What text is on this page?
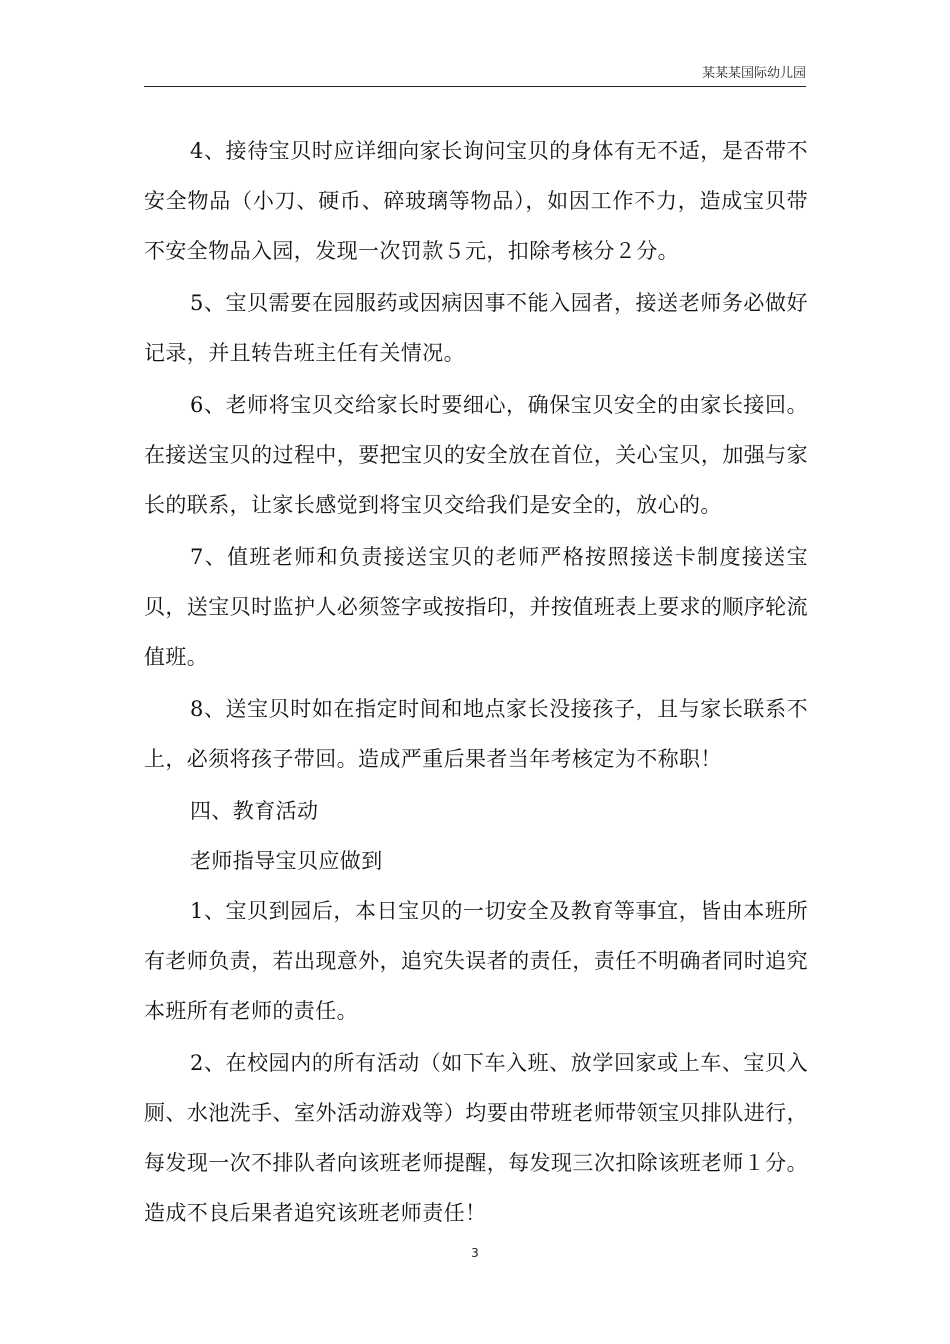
某某某国际幼儿园

4、接待宝贝时应详细向家长询问宝贝的身体有无不适，是否带不安全物品（小刀、硬币、碎玻璃等物品），如因工作不力，造成宝贝带不安全物品入园，发现一次罚款５元，扣除考核分２分。

5、宝贝需要在园服药或因病因事不能入园者，接送老师务必做好记录，并且转告班主任有关情况。

6、老师将宝贝交给家长时要细心，确保宝贝安全的由家长接回。在接送宝贝的过程中，要把宝贝的安全放在首位，关心宝贝，加强与家长的联系，让家长感觉到将宝贝交给我们是安全的，放心的。

7、值班老师和负责接送宝贝的老师严格按照接送卡制度接送宝贝，送宝贝时监护人必须签字或按指印，并按值班表上要求的顺序轮流值班。

8、送宝贝时如在指定时间和地点家长没接孩子，且与家长联系不上，必须将孩子带回。造成严重后果者当年考核定为不称职！

四、教育活动

老师指导宝贝应做到

1、宝贝到园后，本日宝贝的一切安全及教育等事宜，皆由本班所有老师负责，若出现意外，追究失误者的责任，责任不明确者同时追究本班所有老师的责任。

2、在校园内的所有活动（如下车入班、放学回家或上车、宝贝入厕、水池洗手、室外活动游戏等）均要由带班老师带领宝贝排队进行，每发现一次不排队者向该班老师提醒，每发现三次扣除该班老师１分。造成不良后果者追究该班老师责任！

3
